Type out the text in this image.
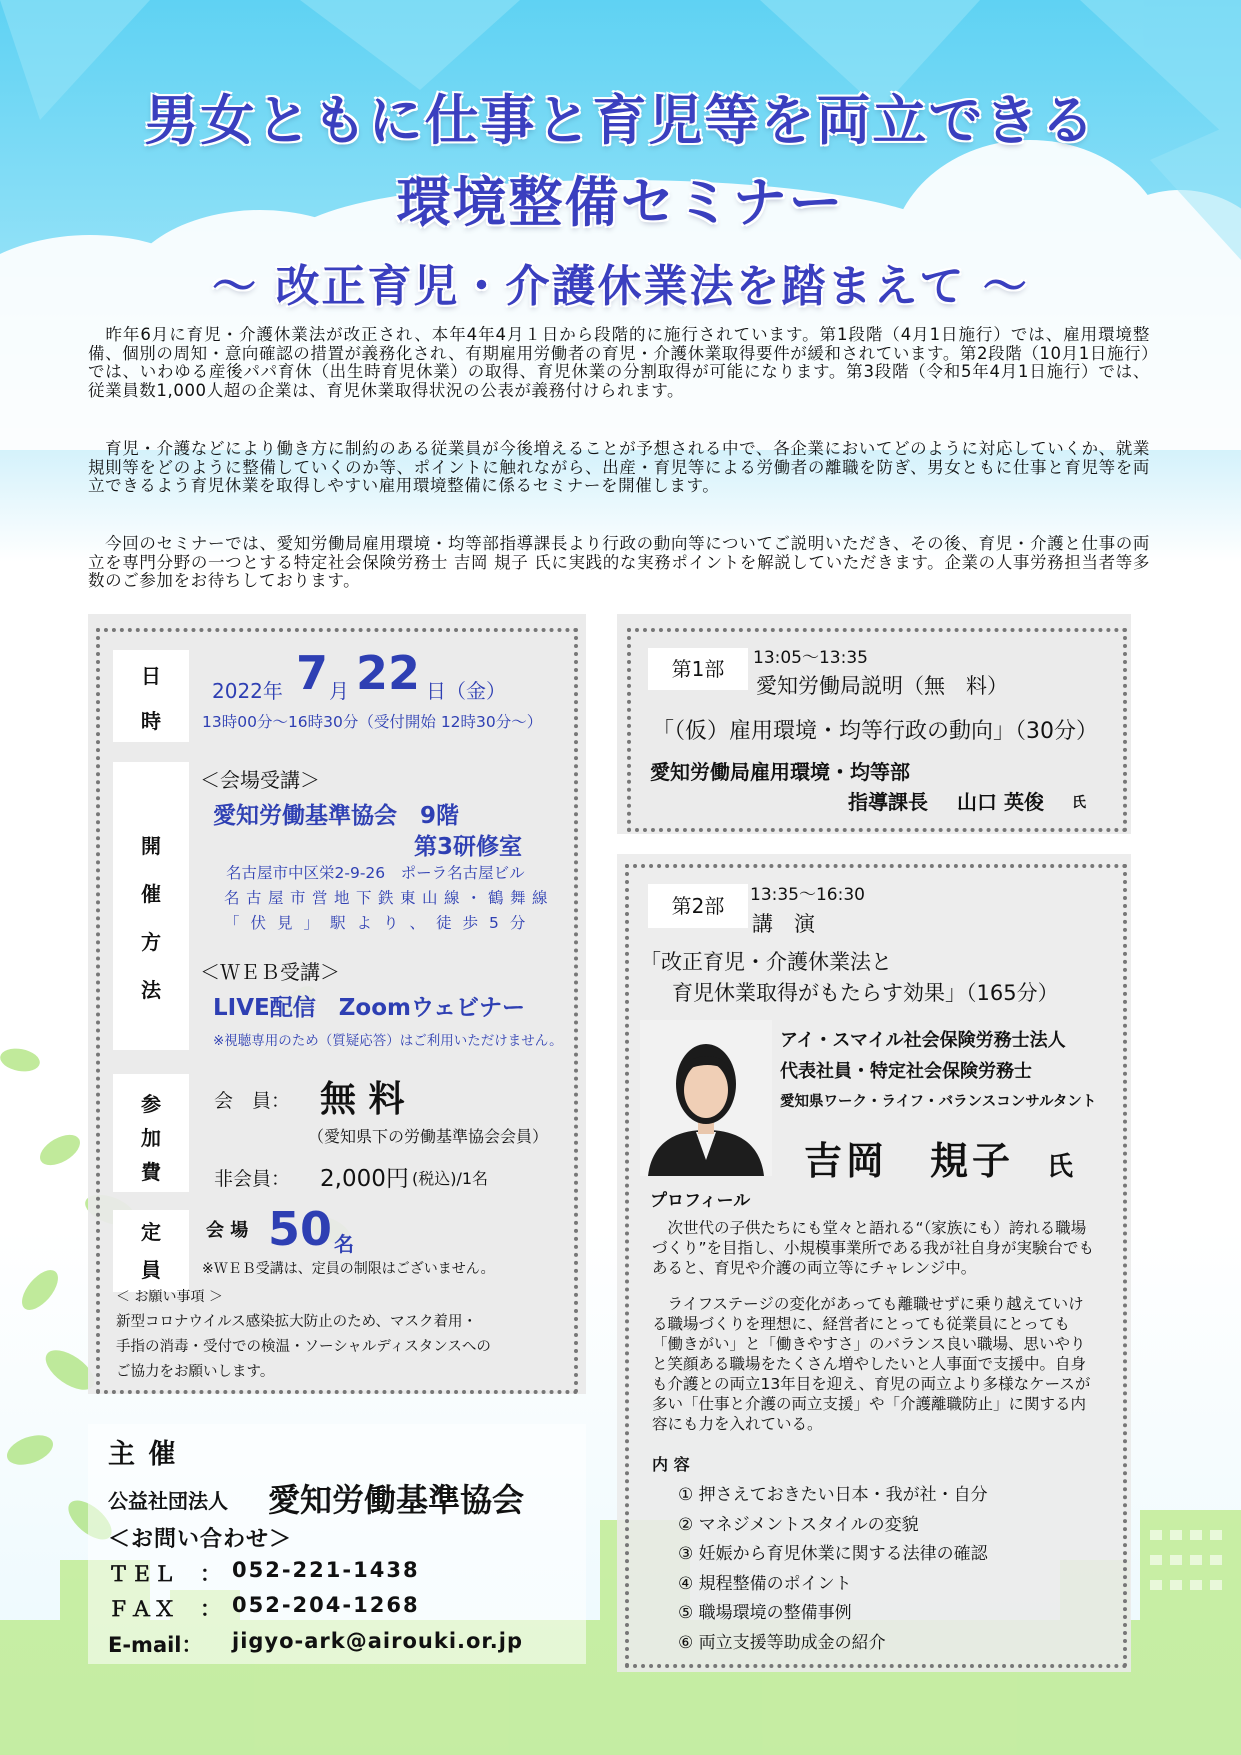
男女ともに仕事と育児等を両立できる
環境整備セミナー
～ 改正育児・介護休業法を踏まえて ～
　昨年6月に育児・介護休業法が改正され、本年4年4月１日から段階的に施行されています。第1段階（4月1日施行）では、雇用環境整備、個別の周知・意向確認の措置が義務化され、有期雇用労働者の育児・介護休業取得要件が緩和されています。第2段階（10月1日施行）では、いわゆる産後パパ育休（出生時育児休業）の取得、育児休業の分割取得が可能になります。第3段階（令和5年4月1日施行）では、従業員数1,000人超の企業は、育児休業取得状況の公表が義務付けられます。
　育児・介護などにより働き方に制約のある従業員が今後増えることが予想される中で、各企業においてどのように対応していくか、就業規則等をどのように整備していくのか等、ポイントに触れながら、出産・育児等による労働者の離職を防ぎ、男女ともに仕事と育児等を両立できるよう育児休業を取得しやすい雇用環境整備に係るセミナーを開催します。
　今回のセミナーでは、愛知労働局雇用環境・均等部指導課長より行政の動向等についてご説明いただき、その後、育児・介護と仕事の両立を専門分野の一つとする特定社会保険労務士 吉岡 規子 氏に実践的な実務ポイントを解説していただきます。企業の人事労務担当者等多数のご参加をお待ちしております。
日
時
2022年 7 月 22 日 （金）
13時00分～16時30分（受付開始 12時30分～）
開
催
方
法
＜会場受講＞
愛知労働基準協会　9階
第3研修室
名古屋市中区栄2-9-26　ポーラ名古屋ビル
名古屋市営地下鉄東山線・鶴舞線
「伏見」駅より、徒歩5分
＜ＷＥＢ受講＞
LIVE配信　Zoomウェビナー
※視聴専用のため（質疑応答）はご利用いただけません。
参
加
費
会　員： 無 料
（愛知県下の労働基準協会会員）
非会員： 2,000円 (税込)/1名
定
員
会 場 50 名
※ＷＥＢ受講は、定員の制限はございません。
＜ お願い事項 ＞
新型コロナウイルス感染拡大防止のため、マスク着用・
手指の消毒・受付での検温・ソーシャルディスタンスへの
ご協力をお願いします。
主 催
公益社団法人 愛知労働基準協会
＜お問い合わせ＞
ＴＥＬ　： 052-221-1438
ＦＡＸ　： 052-204-1268
E-mail： jigyo-ark@airouki.or.jp
第1部	13:05～13:35
愛知労働局説明（無　料）
「（仮）雇用環境・均等行政の動向」（30分）
愛知労働局雇用環境・均等部
指導課長 山口 英俊 氏
第2部	13:35～16:30
講　演
「改正育児・介護休業法と
育児休業取得がもたらす効果」（165分）
アイ・スマイル社会保険労務士法人
代表社員・特定社会保険労務士
愛知県ワーク・ライフ・バランスコンサルタント
吉岡　規子 氏
プロフィール
　次世代の子供たちにも堂々と語れる“（家族にも）誇れる職場づくり”を目指し、小規模事業所である我が社自身が実験台でもあると、育児や介護の両立等にチャレンジ中。
　ライフステージの変化があっても離職せずに乗り越えていける職場づくりを理想に、経営者にとっても従業員にとっても「働きがい」と「働きやすさ」のバランス良い職場、思いやりと笑顔ある職場をたくさん増やしたいと人事面で支援中。自身も介護との両立13年目を迎え、育児の両立より多様なケースが多い「仕事と介護の両立支援」や「介護離職防止」に関する内容にも力を入れている。
内 容
① 押さえておきたい日本・我が社・自分
② マネジメントスタイルの変貌
③ 妊娠から育児休業に関する法律の確認
④ 規程整備のポイント
⑤ 職場環境の整備事例
⑥ 両立支援等助成金の紹介
